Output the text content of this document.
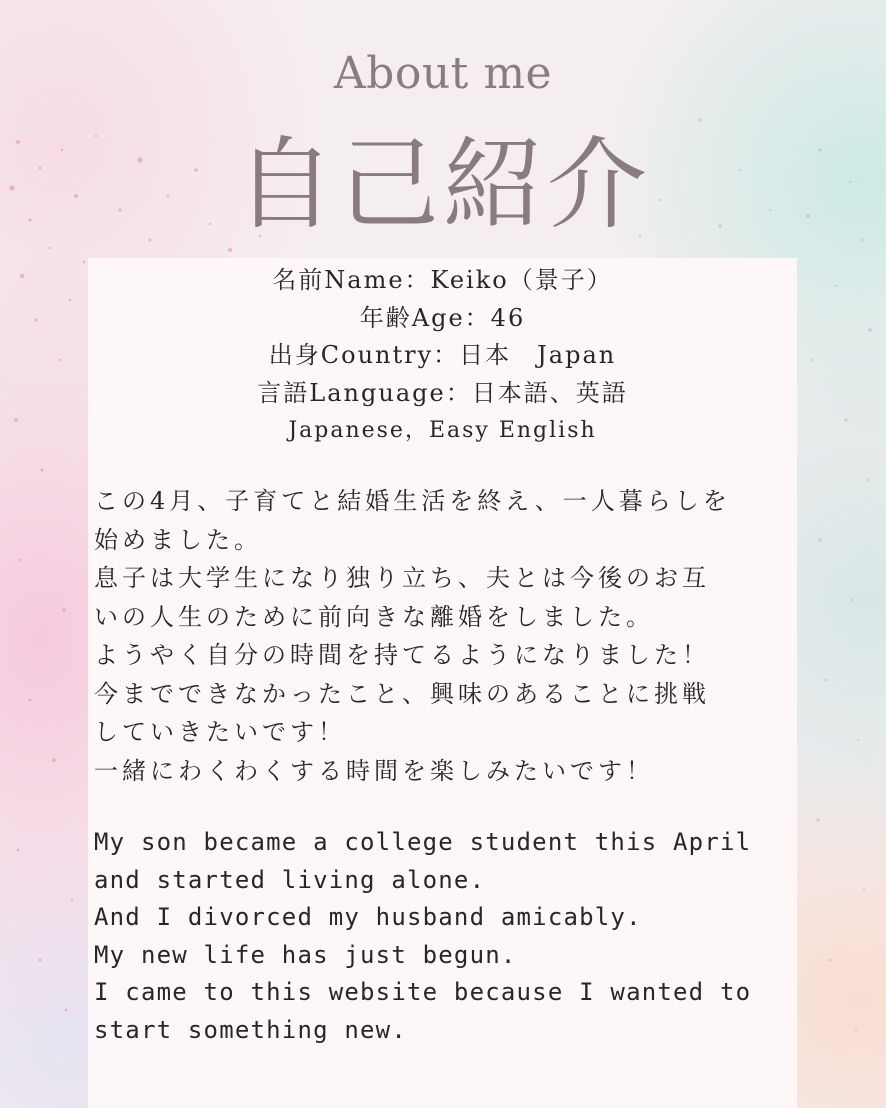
About me
自己紹介
名前Name：Keiko（景子）
年齢Age：46
出身Country：日本　Japan
言語Language：日本語、英語
Japanese，Easy English
この4月、子育てと結婚生活を終え、一人暮らしを
始めました。
息子は大学生になり独り立ち、夫とは今後のお互
いの人生のために前向きな離婚をしました。
ようやく自分の時間を持てるようになりました！
今までできなかったこと、興味のあることに挑戦
していきたいです！
一緒にわくわくする時間を楽しみたいです！
My son became a college student this April
and started living alone.
And I divorced my husband amicably.
My new life has just begun.
I came to this website because I wanted to
start something new.
